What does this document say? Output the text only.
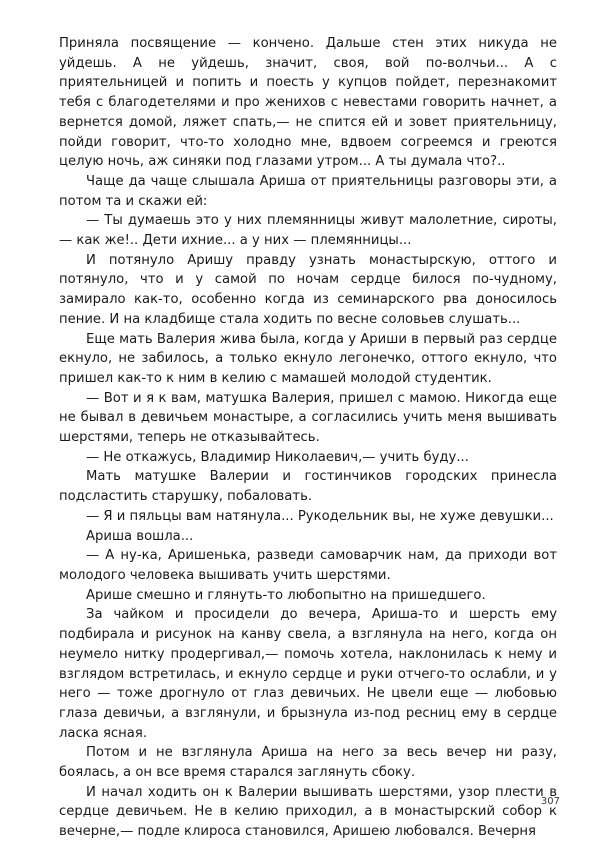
Приняла посвящение — кончено. Дальше стен этих никуда не уйдешь. А не уйдешь, значит, своя, вой по-волчьи... А с приятельницей и попить и поесть у купцов пойдет, перезнакомит тебя с благодетелями и про женихов с невестами говорить начнет, а вернется домой, ляжет спать,— не спится ей и зовет приятельницу, пойди говорит, что-то холодно мне, вдвоем согреемся и греются целую ночь, аж синяки под глазами утром... А ты думала что?..

Чаще да чаще слышала Ариша от приятельницы разговоры эти, а потом та и скажи ей:

— Ты думаешь это у них племянницы живут малолетние, сироты, — как же!.. Дети ихние... а у них — племянницы...

И потянуло Аришу правду узнать монастырскую, оттого и потянуло, что и у самой по ночам сердце билося по-чудному, замирало как-то, особенно когда из семинарского рва доносилось пение. И на кладбище стала ходить по весне соловьев слушать...

Еще мать Валерия жива была, когда у Ариши в первый раз сердце екнуло, не забилось, а только екнуло легонечко, оттого екнуло, что пришел как-то к ним в келию с мамашей молодой студентик.

— Вот и я к вам, матушка Валерия, пришел с мамою. Никогда еще не бывал в девичьем монастыре, а согласились учить меня вышивать шерстями, теперь не отказывайтесь.

— Не откажусь, Владимир Николаевич,— учить буду...

Мать матушке Валерии и гостинчиков городских принесла подсластить старушку, побаловать.

— Я и пяльцы вам натянула... Рукодельник вы, не хуже девушки...

Ариша вошла...

— А ну-ка, Аришенька, разведи самоварчик нам, да приходи вот молодого человека вышивать учить шерстями.

Арише смешно и глянуть-то любопытно на пришедшего.

За чайком и просидели до вечера, Ариша-то и шерсть ему подбирала и рисунок на канву свела, а взглянула на него, когда он неумело нитку продергивал,— помочь хотела, наклонилась к нему и взглядом встретилась, и екнуло сердце и руки отчего-то ослабли, и у него — тоже дрогнуло от глаз девичьих. Не цвели еще — любовью глаза девичьи, а взглянули, и брызнула из-под ресниц ему в сердце ласка ясная.

Потом и не взглянула Ариша на него за весь вечер ни разу, боялась, а он все время старался заглянуть сбоку.

И начал ходить он к Валерии вышивать шерстями, узор плести в сердце девичьем. Не в келию приходил, а в монастырский собор к вечерне,— подле клироса становился, Аришею любовался. Вечерня

307
